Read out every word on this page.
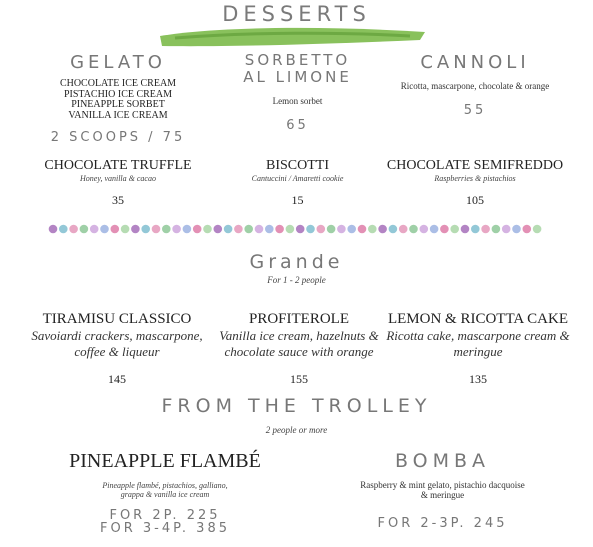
DESSERTS
GELATO
CHOCOLATE ICE CREAM
PISTACHIO ICE CREAM
PINEAPPLE SORBET
VANILLA ICE CREAM
2 SCOOPS / 75
SORBETTO
AL LIMONE
Lemon sorbet
65
CANNOLI
Ricotta, mascarpone, chocolate & orange
55
CHOCOLATE TRUFFLE
Honey, vanilla & cacao
35
BISCOTTI
Cantuccini / Amaretti cookie
15
CHOCOLATE SEMIFREDDO
Raspberries & pistachios
105
Grande
For 1 - 2 people
TIRAMISU CLASSICO
Savoiardi crackers, mascarpone, coffee & liqueur
PROFITEROLE
Vanilla ice cream, hazelnuts & chocolate sauce with orange
LEMON & RICOTTA CAKE
Ricotta cake, mascarpone cream & meringue
145	155	135
FROM THE TROLLEY
2 people or more
PINEAPPLE FLAMBÉ
Pineapple flambé, pistachios, galliano,
grappa & vanilla ice cream
FOR 2P. 225
FOR 3-4P. 385
BOMBA
Raspberry & mint gelato, pistachio dacquoise
& meringue
FOR 2-3P. 245
